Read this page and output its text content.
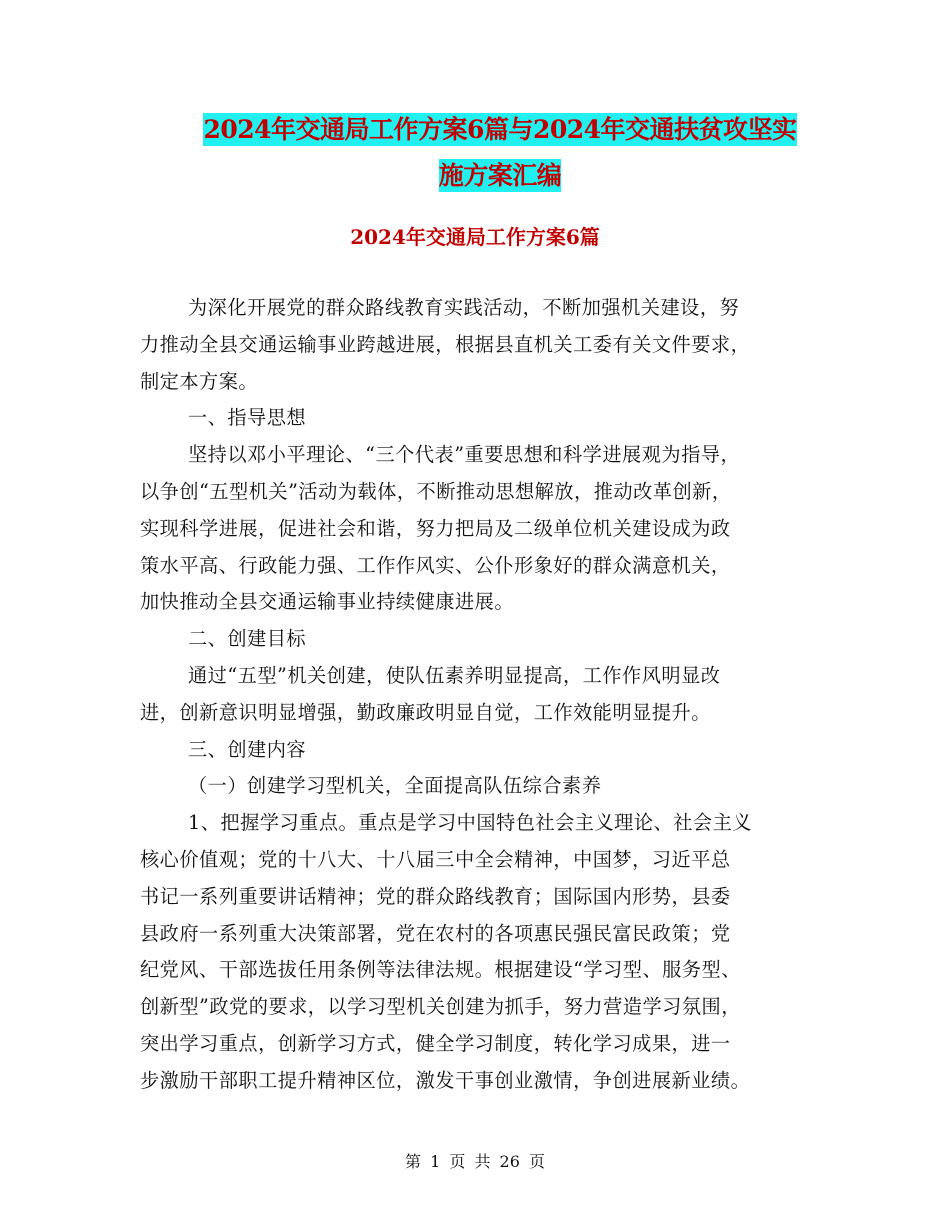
2024年交通局工作方案6篇与2024年交通扶贫攻坚实
施方案汇编
2024年交通局工作方案6篇
为深化开展党的群众路线教育实践活动，不断加强机关建设，努
力推动全县交通运输事业跨越进展，根据县直机关工委有关文件要求，
制定本方案。
一、指导思想
坚持以邓小平理论、“三个代表”重要思想和科学进展观为指导，
以争创“五型机关”活动为载体，不断推动思想解放，推动改革创新，
实现科学进展，促进社会和谐，努力把局及二级单位机关建设成为政
策水平高、行政能力强、工作作风实、公仆形象好的群众满意机关，
加快推动全县交通运输事业持续健康进展。
二、创建目标
通过“五型”机关创建，使队伍素养明显提高，工作作风明显改
进，创新意识明显增强，勤政廉政明显自觉，工作效能明显提升。
三、创建内容
（一）创建学习型机关，全面提高队伍综合素养
1、把握学习重点。重点是学习中国特色社会主义理论、社会主义
核心价值观；党的十八大、十八届三中全会精神，中国梦，习近平总
书记一系列重要讲话精神；党的群众路线教育；国际国内形势，县委
县政府一系列重大决策部署，党在农村的各项惠民强民富民政策；党
纪党风、干部选拔任用条例等法律法规。根据建设“学习型、服务型、
创新型”政党的要求，以学习型机关创建为抓手，努力营造学习氛围，
突出学习重点，创新学习方式，健全学习制度，转化学习成果，进一
步激励干部职工提升精神区位，激发干事创业激情，争创进展新业绩。
第 1 页 共 26 页
